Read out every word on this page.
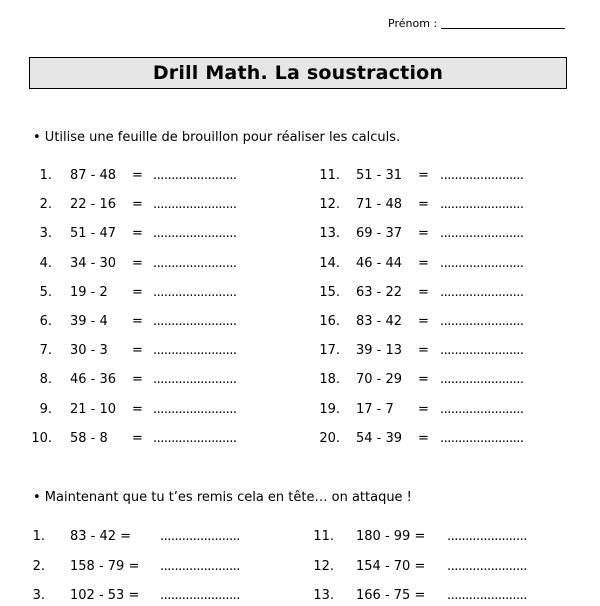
Prénom :
Drill Math. La soustraction
• Utilise une feuille de brouillon pour réaliser les calculs.
1. 87 - 48 = .......................
2. 22 - 16 = .......................
3. 51 - 47 = .......................
4. 34 - 30 = .......................
5. 19 - 2 = .......................
6. 39 - 4 = .......................
7. 30 - 3 = .......................
8. 46 - 36 = .......................
9. 21 - 10 = .......................
10. 58 - 8 = .......................
11. 51 - 31 = .......................
12. 71 - 48 = .......................
13. 69 - 37 = .......................
14. 46 - 44 = .......................
15. 63 - 22 = .......................
16. 83 - 42 = .......................
17. 39 - 13 = .......................
18. 70 - 29 = .......................
19. 17 - 7 = .......................
20. 54 - 39 = .......................
• Maintenant que tu t’es remis cela en tête… on attaque !
1. 83 - 42 = ......................
2. 158 - 79 = ......................
3. 102 - 53 = ......................
11. 180 - 99 = ......................
12. 154 - 70 = ......................
13. 166 - 75 = ......................
